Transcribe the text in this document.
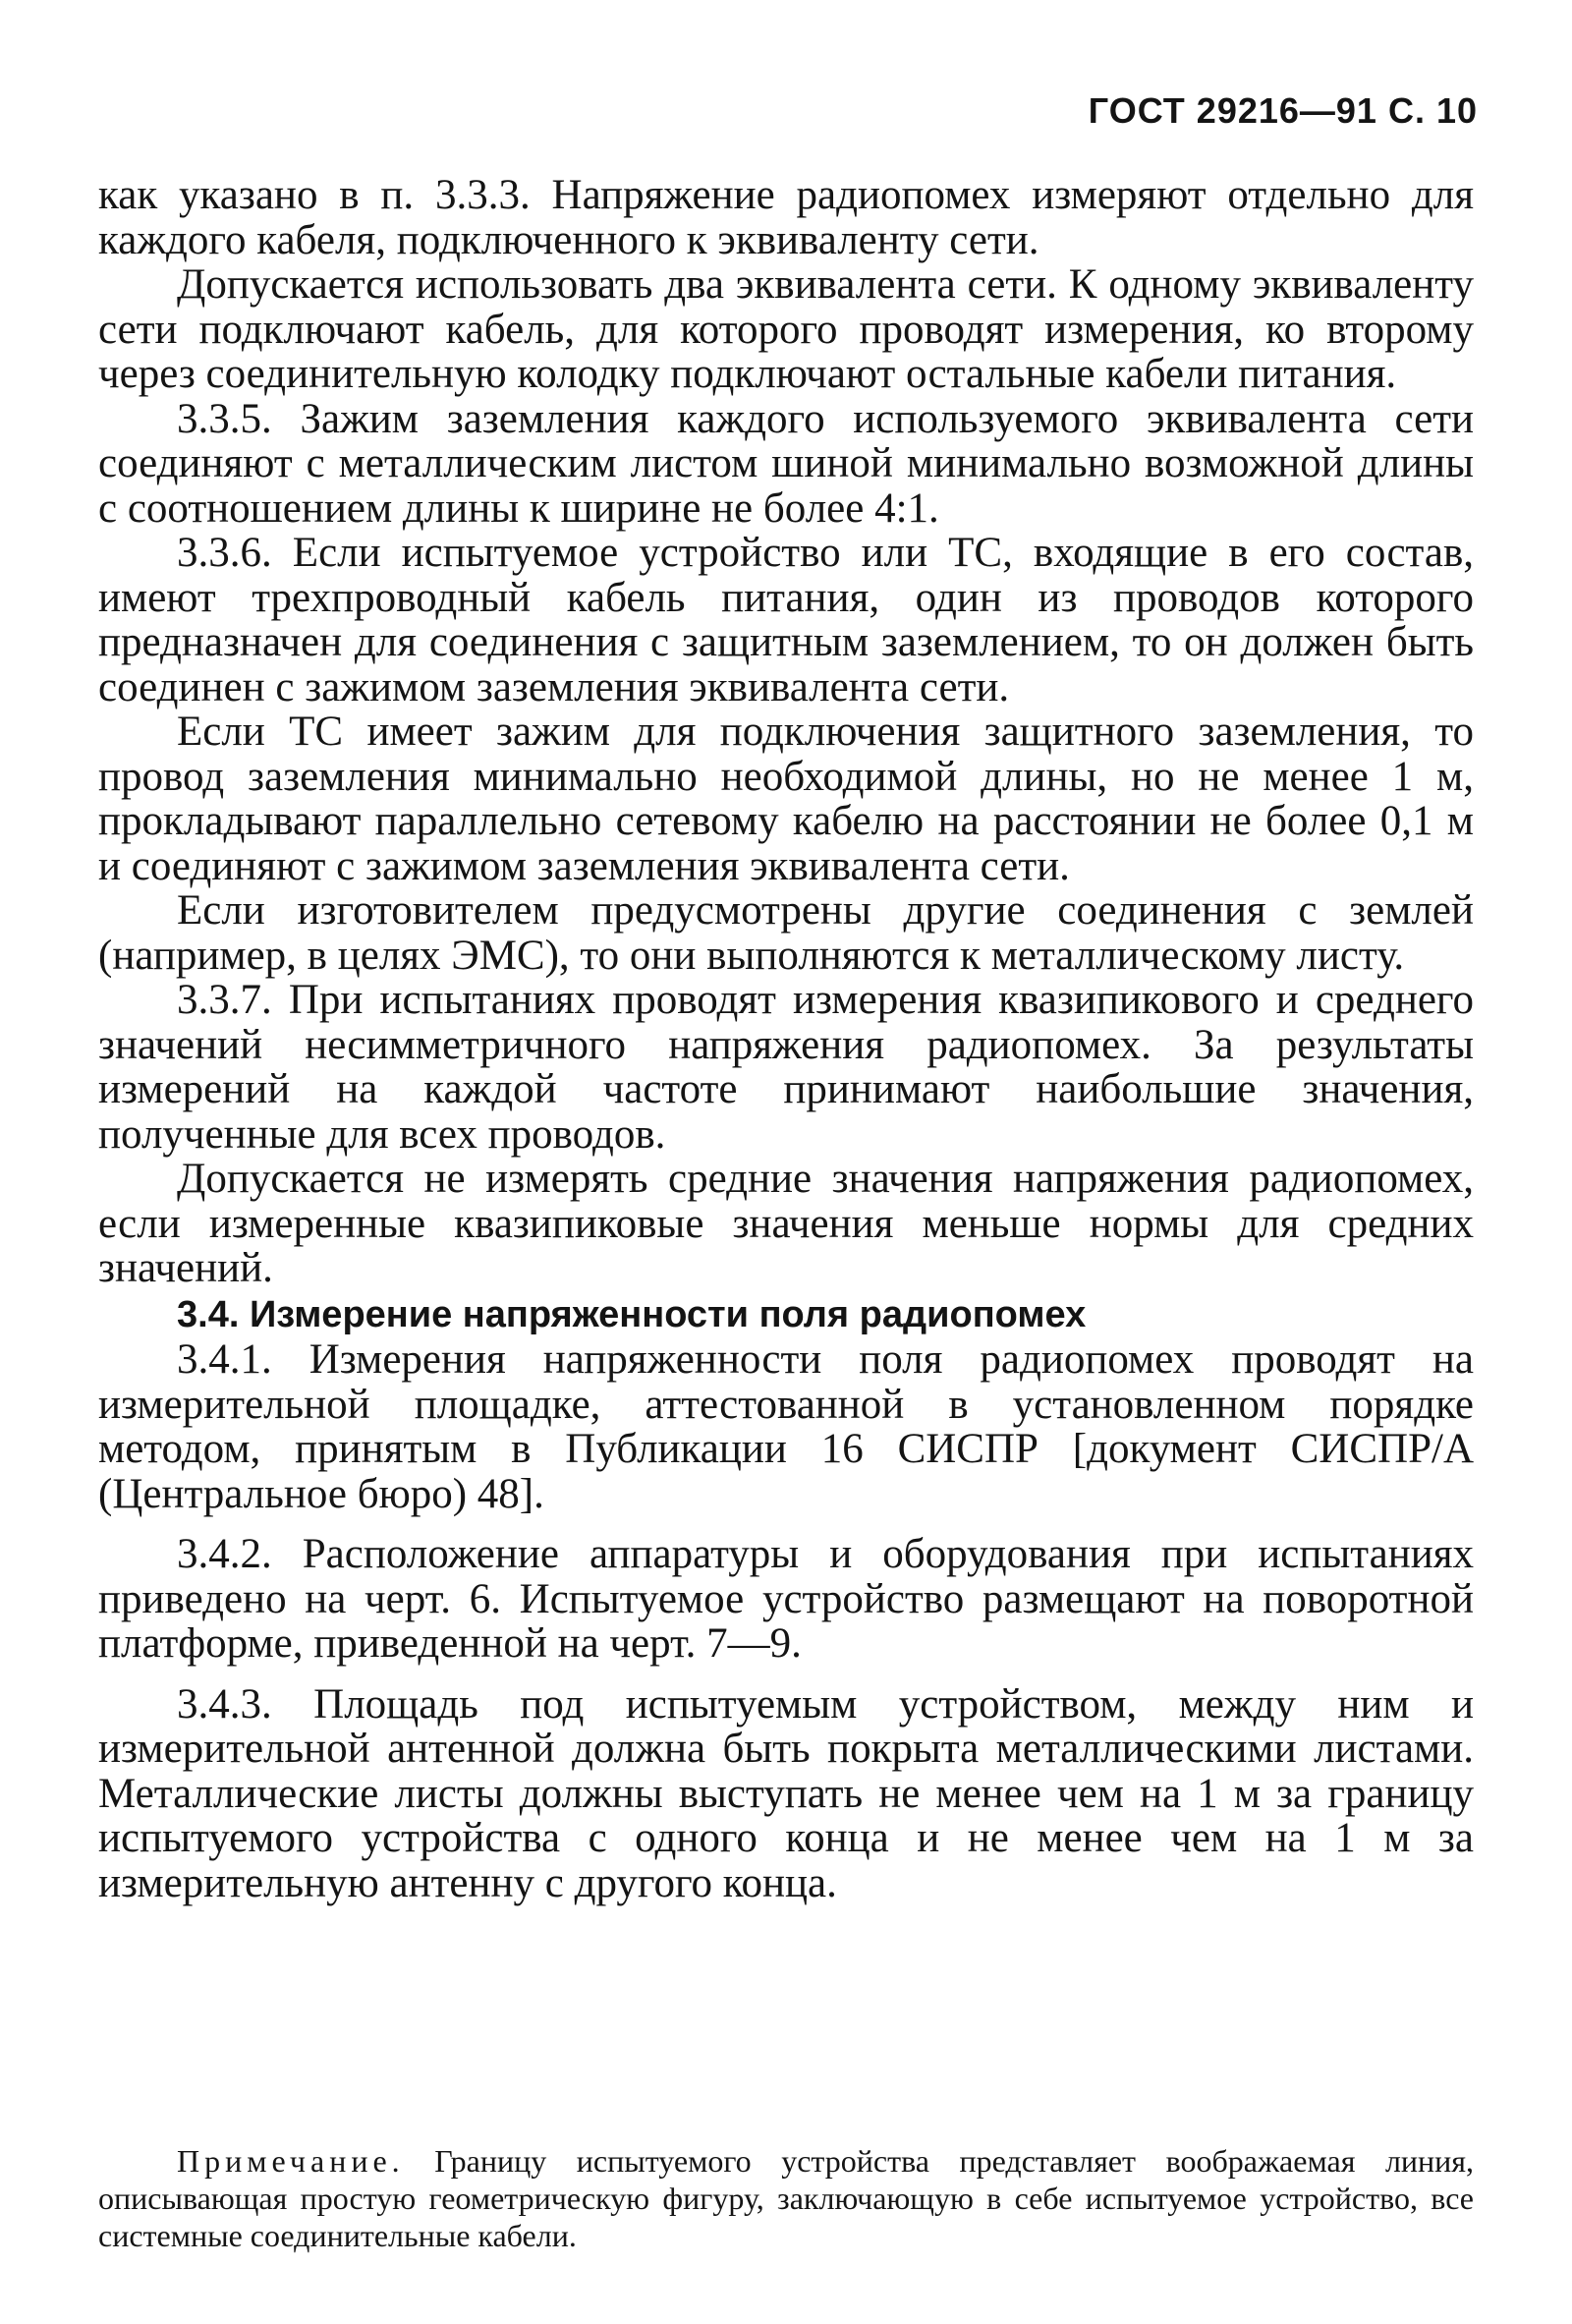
ГОСТ 29216—91 С. 10

как указано в п. 3.3.3. Напряжение радиопомех измеряют отдельно для каждого кабеля, подключенного к эквиваленту сети.

Допускается использовать два эквивалента сети. К одному эквиваленту сети подключают кабель, для которого проводят измерения, ко второму через соединительную колодку подключают остальные кабели питания.

3.3.5. Зажим заземления каждого используемого эквивалента сети соединяют с металлическим листом шиной минимально возможной длины с соотношением длины к ширине не более 4:1.

3.3.6. Если испытуемое устройство или ТС, входящие в его состав, имеют трехпроводный кабель питания, один из проводов которого предназначен для соединения с защитным заземлением, то он должен быть соединен с зажимом заземления эквивалента сети.

Если ТС имеет зажим для подключения защитного заземления, то провод заземления минимально необходимой длины, но не менее 1 м, прокладывают параллельно сетевому кабелю на расстоянии не более 0,1 м и соединяют с зажимом заземления эквивалента сети.

Если изготовителем предусмотрены другие соединения с землей (например, в целях ЭМС), то они выполняются к металлическому листу.

3.3.7. При испытаниях проводят измерения квазипикового и среднего значений несимметричного напряжения радиопомех. За результаты измерений на каждой частоте принимают наибольшие значения, полученные для всех проводов.

Допускается не измерять средние значения напряжения радиопомех, если измеренные квазипиковые значения меньше нормы для средних значений.

3.4. Измерение напряженности поля радиопомех

3.4.1. Измерения напряженности поля радиопомех проводят на измерительной площадке, аттестованной в установленном порядке методом, принятым в Публикации 16 СИСПР [документ СИСПР/А (Центральное бюро) 48].

3.4.2. Расположение аппаратуры и оборудования при испытаниях приведено на черт. 6. Испытуемое устройство размещают на поворотной платформе, приведенной на черт. 7—9.

3.4.3. Площадь под испытуемым устройством, между ним и измерительной антенной должна быть покрыта металлическими листами. Металлические листы должны выступать не менее чем на 1 м за границу испытуемого устройства с одного конца и не менее чем на 1 м за измерительную антенну с другого конца.

Примечание. Границу испытуемого устройства представляет воображаемая линия, описывающая простую геометрическую фигуру, заключающую в себе испытуемое устройство, все системные соединительные кабели.
